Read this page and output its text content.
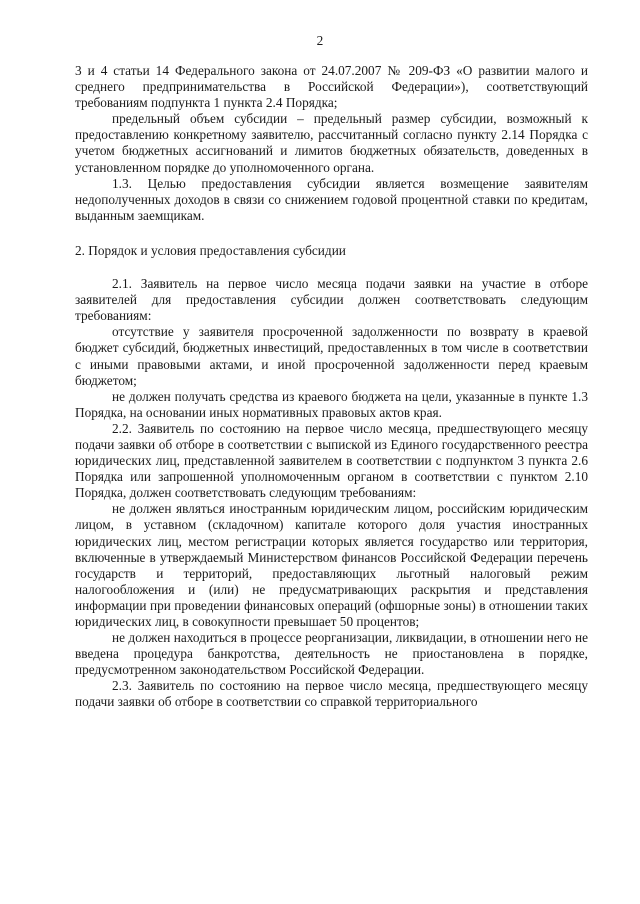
2

3 и 4 статьи 14 Федерального закона от 24.07.2007 № 209-ФЗ «О развитии малого и среднего предпринимательства в Российской Федерации»), соответствующий требованиям подпункта 1 пункта 2.4 Порядка;

предельный объем субсидии – предельный размер субсидии, возможный к предоставлению конкретному заявителю, рассчитанный согласно пункту 2.14 Порядка с учетом бюджетных ассигнований и лимитов бюджетных обязательств, доведенных в установленном порядке до уполномоченного органа.

1.3. Целью предоставления субсидии является возмещение заявителям недополученных доходов в связи со снижением годовой процентной ставки по кредитам, выданным заемщикам.

2. Порядок и условия предоставления субсидии

2.1. Заявитель на первое число месяца подачи заявки на участие в отборе заявителей для предоставления субсидии должен соответствовать следующим требованиям:

отсутствие у заявителя просроченной задолженности по возврату в краевой бюджет субсидий, бюджетных инвестиций, предоставленных в том числе в соответствии с иными правовыми актами, и иной просроченной задолженности перед краевым бюджетом;

не должен получать средства из краевого бюджета на цели, указанные в пункте 1.3 Порядка, на основании иных нормативных правовых актов края.

2.2. Заявитель по состоянию на первое число месяца, предшествующего месяцу подачи заявки об отборе в соответствии с выпиской из Единого государственного реестра юридических лиц, представленной заявителем в соответствии с подпунктом 3 пункта 2.6 Порядка или запрошенной уполномоченным органом в соответствии с пунктом 2.10 Порядка, должен соответствовать следующим требованиям:

не должен являться иностранным юридическим лицом, российским юридическим лицом, в уставном (складочном) капитале которого доля участия иностранных юридических лиц, местом регистрации которых является государство или территория, включенные в утверждаемый Министерством финансов Российской Федерации перечень государств и территорий, предоставляющих льготный налоговый режим налогообложения и (или) не предусматривающих раскрытия и представления информации при проведении финансовых операций (офшорные зоны) в отношении таких юридических лиц, в совокупности превышает 50 процентов;

не должен находиться в процессе реорганизации, ликвидации, в отношении него не введена процедура банкротства, деятельность не приостановлена в порядке, предусмотренном законодательством Российской Федерации.

2.3. Заявитель по состоянию на первое число месяца, предшествующего месяцу подачи заявки об отборе в соответствии со справкой территориального
